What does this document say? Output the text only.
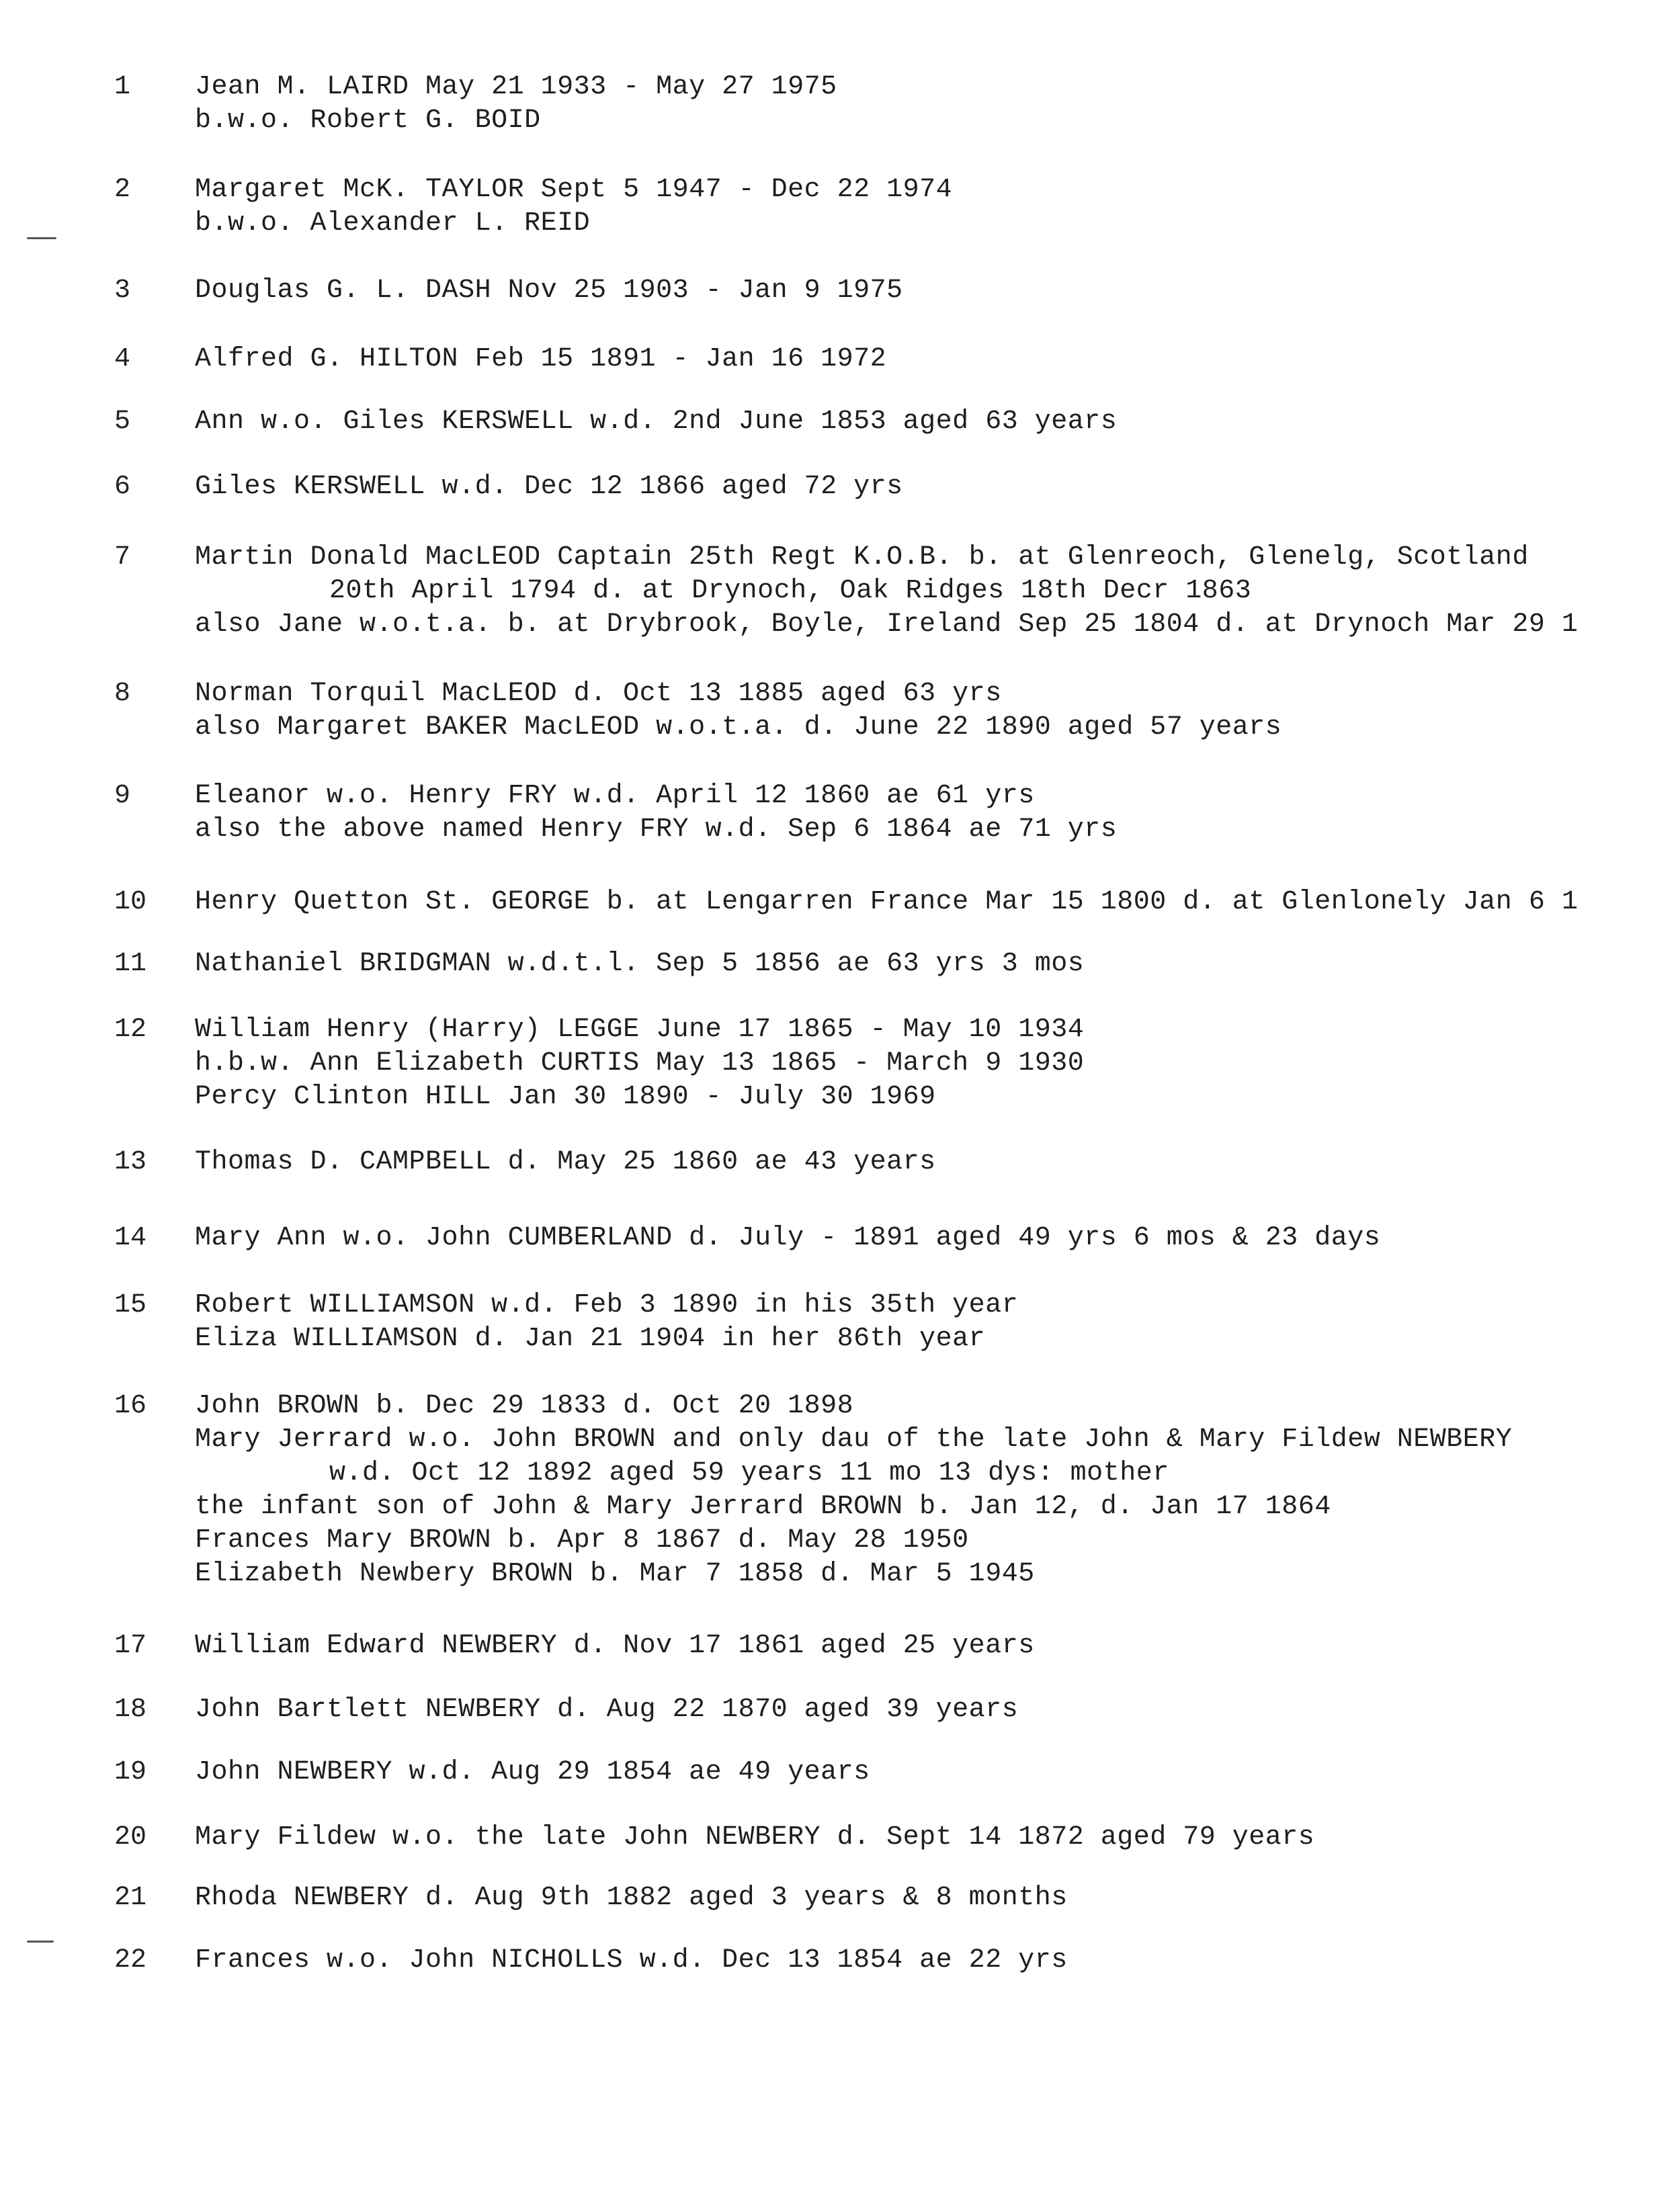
1	Jean M. LAIRD May 21 1933 - May 27 1975
b.w.o. Robert G. BOID
2	Margaret McK. TAYLOR Sept 5 1947 - Dec 22 1974
b.w.o. Alexander L. REID
3	Douglas G. L. DASH Nov 25 1903 - Jan 9 1975
4	Alfred G. HILTON Feb 15 1891 - Jan 16 1972
5	Ann w.o. Giles KERSWELL w.d. 2nd June 1853 aged 63 years
6	Giles KERSWELL w.d. Dec 12 1866 aged 72 yrs
7	Martin Donald MacLEOD Captain 25th Regt K.O.B. b. at Glenreoch, Glenelg, Scotland
20th April 1794 d. at Drynoch, Oak Ridges 18th Decr 1863
also Jane w.o.t.a. b. at Drybrook, Boyle, Ireland Sep 25 1804 d. at Drynoch Mar 29 1
8	Norman Torquil MacLEOD d. Oct 13 1885 aged 63 yrs
also Margaret BAKER MacLEOD w.o.t.a. d. June 22 1890 aged 57 years
9	Eleanor w.o. Henry FRY w.d. April 12 1860 ae 61 yrs
also the above named Henry FRY w.d. Sep 6 1864 ae 71 yrs
10	Henry Quetton St. GEORGE b. at Lengarren France Mar 15 1800 d. at Glenlonely Jan 6 1
11	Nathaniel BRIDGMAN w.d.t.l. Sep 5 1856 ae 63 yrs 3 mos
12	William Henry (Harry) LEGGE June 17 1865 - May 10 1934
h.b.w. Ann Elizabeth CURTIS May 13 1865 - March 9 1930
Percy Clinton HILL Jan 30 1890 - July 30 1969
13	Thomas D. CAMPBELL d. May 25 1860 ae 43 years
14	Mary Ann w.o. John CUMBERLAND d. July - 1891 aged 49 yrs 6 mos & 23 days
15	Robert WILLIAMSON w.d. Feb 3 1890 in his 35th year
Eliza WILLIAMSON d. Jan 21 1904 in her 86th year
16	John BROWN b. Dec 29 1833 d. Oct 20 1898
Mary Jerrard w.o. John BROWN and only dau of the late John & Mary Fildew NEWBERY
w.d. Oct 12 1892 aged 59 years 11 mo 13 dys: mother
the infant son of John & Mary Jerrard BROWN b. Jan 12, d. Jan 17 1864
Frances Mary BROWN b. Apr 8 1867 d. May 28 1950
Elizabeth Newbery BROWN b. Mar 7 1858 d. Mar 5 1945
17	William Edward NEWBERY d. Nov 17 1861 aged 25 years
18	John Bartlett NEWBERY d. Aug 22 1870 aged 39 years
19	John NEWBERY w.d. Aug 29 1854 ae 49 years
20	Mary Fildew w.o. the late John NEWBERY d. Sept 14 1872 aged 79 years
21	Rhoda NEWBERY d. Aug 9th 1882 aged 3 years & 8 months
22	Frances w.o. John NICHOLLS w.d. Dec 13 1854 ae 22 yrs
